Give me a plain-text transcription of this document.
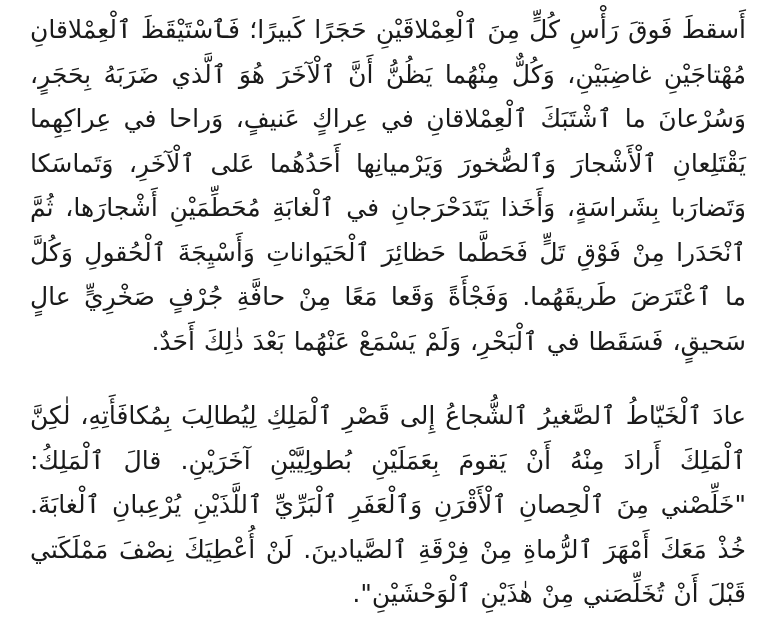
أَسقطَ فَوقَ رَأْسِ كُلٍّ مِنَ ٱلْعِمْلاقَيْنِ حَجَرًا كَبيرًا؛ فَٱسْتَيْقَظَ ٱلْعِمْلاقانِ مُهْتاجَيْنِ غاضِبَيْنِ، وَكُلٌّ مِنْهُما يَظُنُّ أَنَّ ٱلْآخَرَ هُوَ ٱلَّذي ضَرَبَهُ بِحَجَرٍ، وَسُرْعانَ ما ٱشْتَبَكَ ٱلْعِمْلاقانِ في عِراكٍ عَنيفٍ، وَراحا في عِراكِهِما يَقْتَلِعانِ ٱلْأَشْجارَ وَٱلصُّخورَ وَيَرْميانِها أَحَدُهُما عَلى ٱلْآخَرِ، وَتَماسَكا وَتَضارَبا بِشَراسَةٍ، وَأَخَذا يَتَدَحْرَجانِ في ٱلْغابَةِ مُحَطِّمَيْنِ أَشْجارَها، ثُمَّ ٱنْحَدَرا مِنْ فَوْقِ تَلٍّ فَحَطَّما حَظائِرَ ٱلْحَيَواناتِ وَأَسْيِجَةَ ٱلْحُقولِ وَكُلَّ ما ٱعْتَرَضَ طَريقَهُما. وَفَجْأَةً وَقَعا مَعًا مِنْ حافَّةِ جُرْفٍ صَخْرِيٍّ عالٍ سَحيقٍ، فَسَقَطا في ٱلْبَحْرِ، وَلَمْ يَسْمَعْ عَنْهُما بَعْدَ ذٰلِكَ أَحَدٌ.

عادَ ٱلْخَيّاطُ ٱلصَّغيرُ ٱلشُّجاعُ إِلى قَصْرِ ٱلْمَلِكِ لِيُطالِبَ بِمُكافَأَتِهِ، لٰكِنَّ ٱلْمَلِكَ أَرادَ مِنْهُ أَنْ يَقومَ بِعَمَلَيْنِ بُطولِيَّيْنِ آخَرَيْنِ. قالَ ٱلْمَلِكُ: "خَلِّصْني مِنَ ٱلْحِصانِ ٱلْأَقْرَنِ وَٱلْعَفَرِ ٱلْبَرِّيِّ ٱللَّذَيْنِ يُرْعِبانِ ٱلْغابَةَ. خُذْ مَعَكَ أَمْهَرَ ٱلرُّماةِ مِنْ فِرْقَةِ ٱلصَّيادينَ. لَنْ أُعْطِيَكَ نِصْفَ مَمْلَكَتي قَبْلَ أَنْ تُخَلِّصَني مِنْ هٰذَيْنِ ٱلْوَحْشَيْنِ".
